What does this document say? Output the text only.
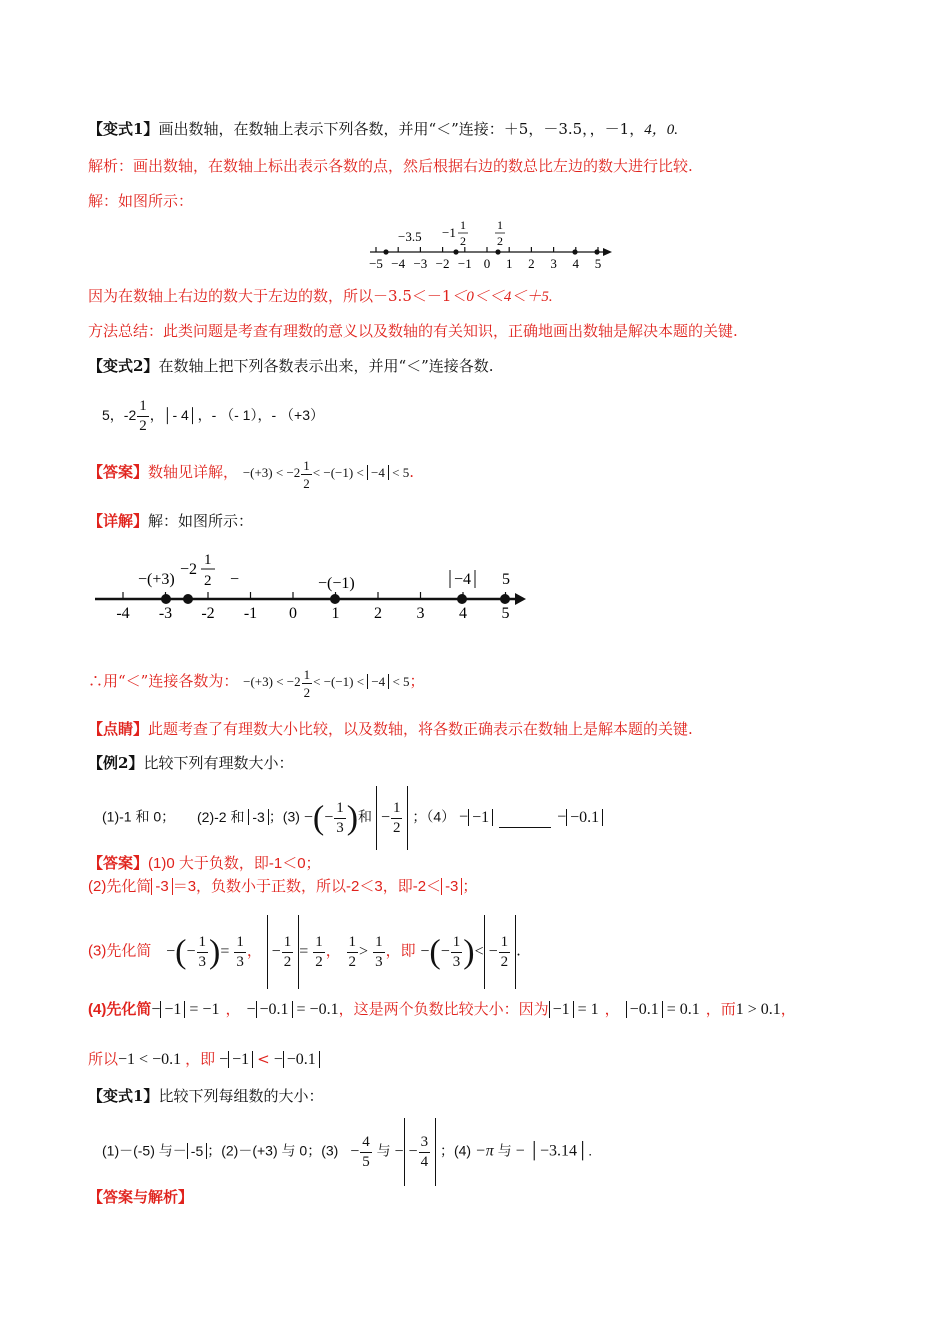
【变式1】画出数轴，在数轴上表示下列各数，并用“＜”连接：＋5，－3.5，，－1，4，0.
解析：画出数轴，在数轴上标出表示各数的点，然后根据右边的数总比左边的数大进行比较.
解：如图所示：
−5 −4 −3 −2 −1 0 1 2 3 4 5
−3.5 −1 1
2
1
2
因为在数轴上右边的数大于左边的数，所以－3.5＜－1＜0＜＜4＜＋5.
方法总结：此类问题是考查有理数的意义以及数轴的有关知识，正确地画出数轴是解决本题的关键.
【变式2】在数轴上把下列各数表示出来，并用“＜”连接各数.
5，$-2 \frac{1}{2}$ ，│- 4│，- （- 1），- （+3）
【答案】数轴见详解， $-(+3) < -2 \frac{1}{2} < -(-1) < -4 < 5$.
【详解】解：如图所示：
-4 -3 -2 -1 0 1 2 3 4 5
−(+3)
−2
1
2 −	−(−1)	−4 5
∴用“＜”连接各数为： $-(+3) < -2 \frac{1}{2} < -(-1) < -4 < 5$；
【点睛】此题考查了有理数大小比较，以及数轴，将各数正确表示在数轴上是解本题的关键.
【例2】比较下列有理数大小：
(1)-1 和 0； (2)-2 和 -3 ；(3) −(− $\frac{1}{3}$ )和 − $\frac{1}{2}$ ；（4） − −1	− −0.1
【答案】(1)0 大于负数，即-1＜0；
(2)先化简 -3 ＝3，负数小于正数，所以-2＜3，即-2＜ -3 ；
(3)先化简 −(− $\frac{1}{3}$ )= $\frac{1}{3}$ ， − $\frac{1}{2} = \frac{1}{2}$ ， $\frac{1}{2} > \frac{1}{3}$ ，即 −(− $\frac{1}{3}$ )< − $\frac{1}{2}$ .
(4)先化简− −1 = −1 ， − −0.1 = −0.1，这是两个负数比较大小：因为 −1 = 1 ， −0.1 = 0.1 ，而1 > 0.1，
所以−1 < −0.1 ，即 − −1 < − −0.1
【变式1】比较下列每组数的大小：
(1)－(-5) 与－ -5 ；(2)－(+3) 与 0；$(3) - \frac{4}{5}$ 与 − − $\frac{3}{4}$ ；(4) −π 与 − │−3.14│.
【答案与解析】
